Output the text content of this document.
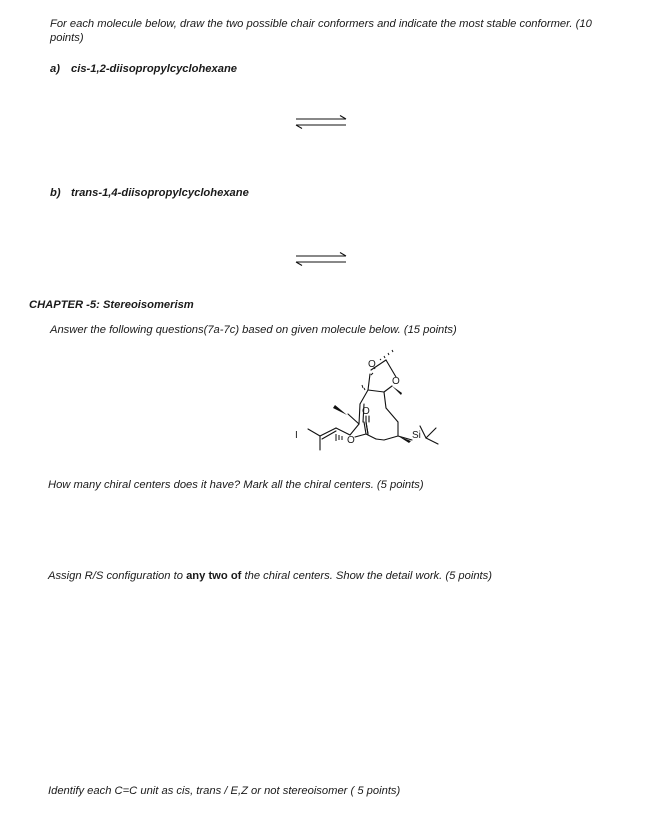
For each molecule below, draw the two possible chair conformers and indicate the most stable conformer. (10 points)
a) cis-1,2-diisopropylcyclohexane
b) trans-1,4-diisopropylcyclohexane
CHAPTER -5: Stereoisomerism
Answer the following questions(7a-7c) based on given molecule below. (15 points)
O
O
O
O	Si
I
How many chiral centers does it have? Mark all the chiral centers. (5 points)
Assign R/S configuration to any two of the chiral centers. Show the detail work. (5 points)
Identify each C=C unit as cis, trans / E,Z or not stereoisomer ( 5 points)
